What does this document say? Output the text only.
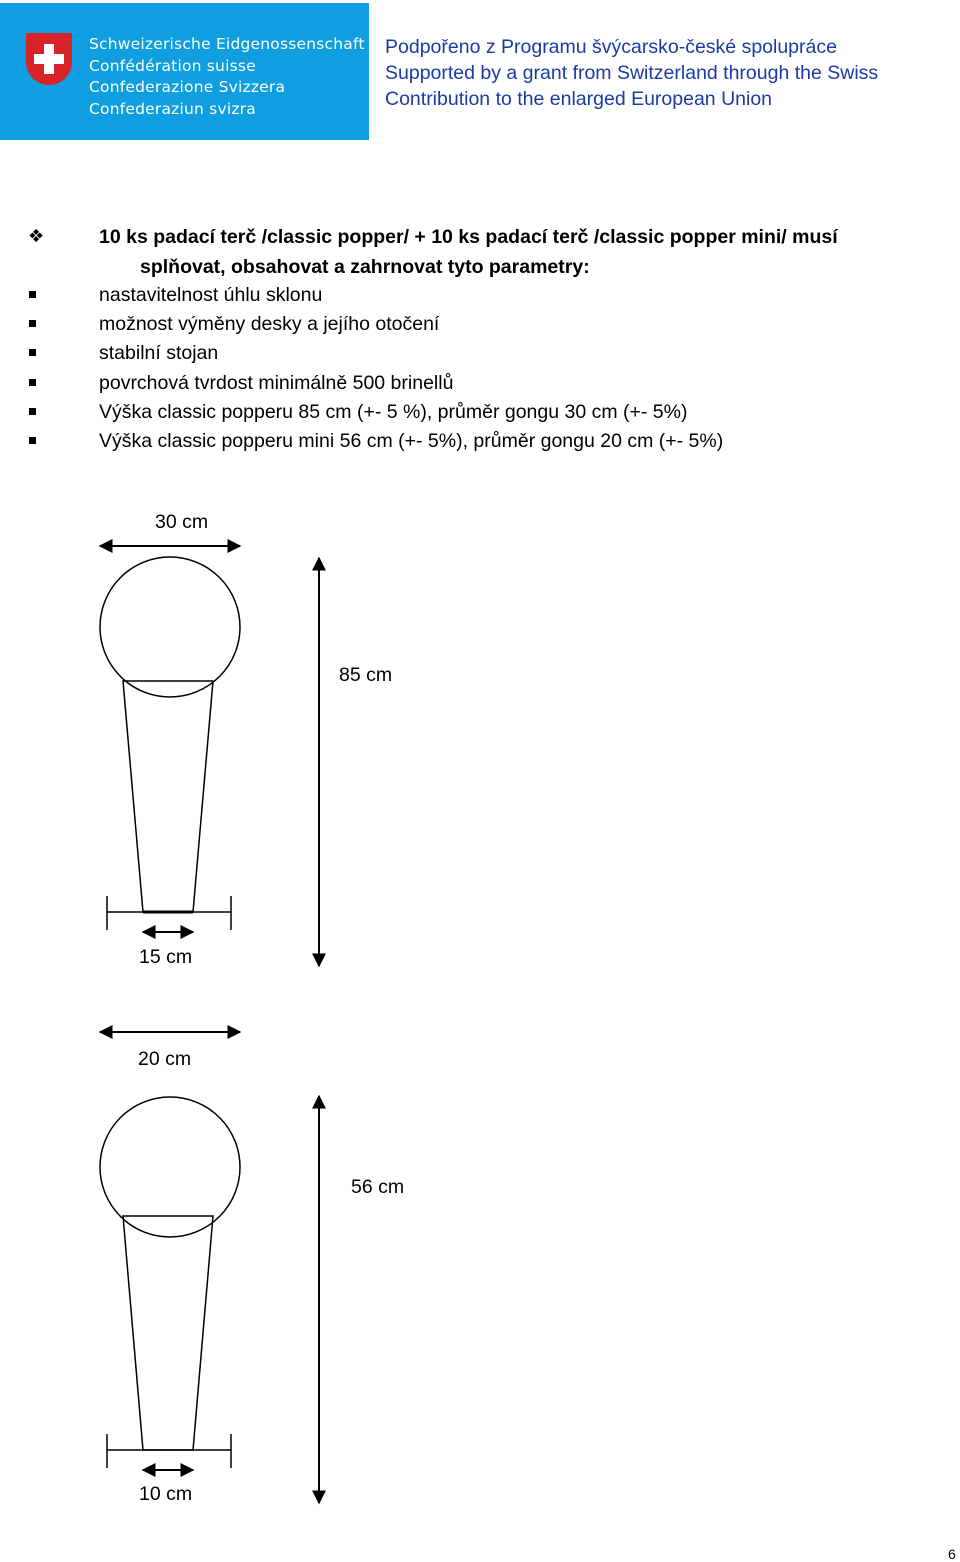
Schweizerische Eidgenossenschaft
Confédération suisse
Confederazione Svizzera
Confederaziun svizra
Podpořeno z Programu švýcarsko-české spolupráce
Supported by a grant from Switzerland through the Swiss
Contribution to the enlarged European Union
❖	10 ks padací terč /classic popper/ + 10 ks padací terč /classic popper mini/ musí
splňovat, obsahovat a zahrnovat tyto parametry:
nastavitelnost úhlu sklonu
možnost výměny desky a jejího otočení
stabilní stojan
povrchová tvrdost minimálně 500 brinellů
Výška classic popperu 85 cm (+- 5 %), průměr gongu 30 cm (+- 5%)
Výška classic popperu mini 56 cm (+- 5%), průměr gongu 20 cm (+- 5%)
30 cm
85 cm
15 cm
20 cm
56 cm
10 cm
6
